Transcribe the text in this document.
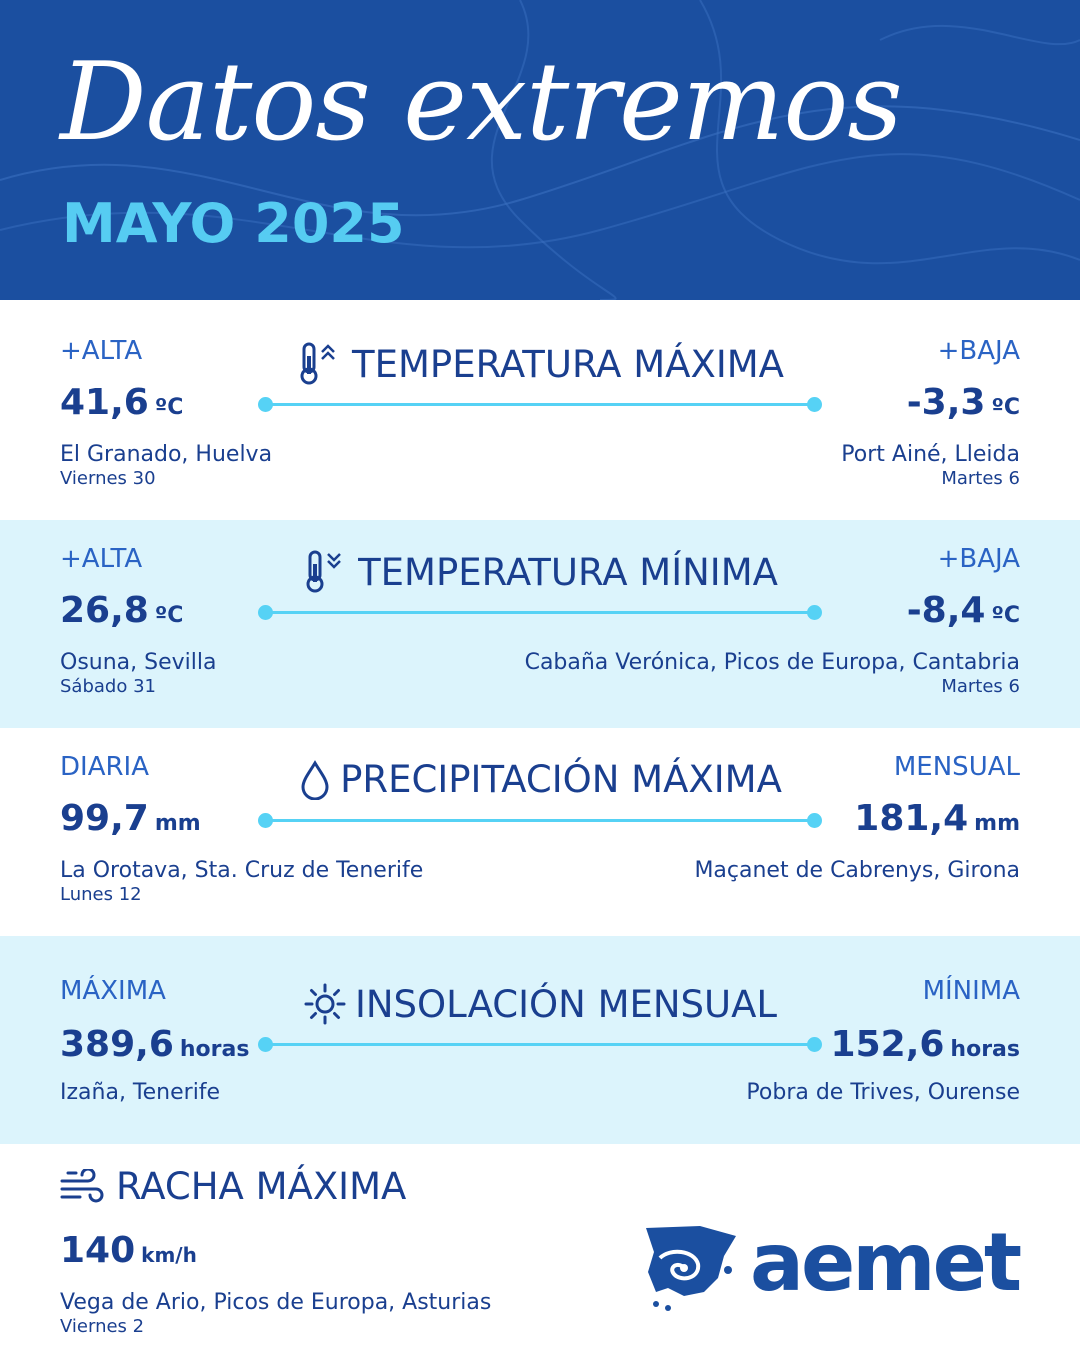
Datos extremos
MAYO 2025
+ALTA
41,6 ºC
El Granado, Huelva
Viernes 30
TEMPERATURA MÁXIMA	+BAJA
-3,3 ºC
Port Ainé, Lleida
Martes 6
+ALTA
26,8 ºC
Osuna, Sevilla
Sábado 31
TEMPERATURA MÍNIMA	+BAJA
-8,4 ºC
Cabaña Verónica, Picos de Europa, Cantabria
Martes 6
DIARIA
99,7 mm
La Orotava, Sta. Cruz de Tenerife
Lunes 12
PRECIPITACIÓN MÁXIMA	MENSUAL
181,4 mm
Maçanet de Cabrenys, Girona
MÁXIMA
389,6 horas
Izaña, Tenerife
INSOLACIÓN MENSUAL	MÍNIMA
152,6 horas
Pobra de Trives, Ourense
RACHA MÁXIMA
140 km/h
Vega de Ario, Picos de Europa, Asturias
Viernes 2
aemet
